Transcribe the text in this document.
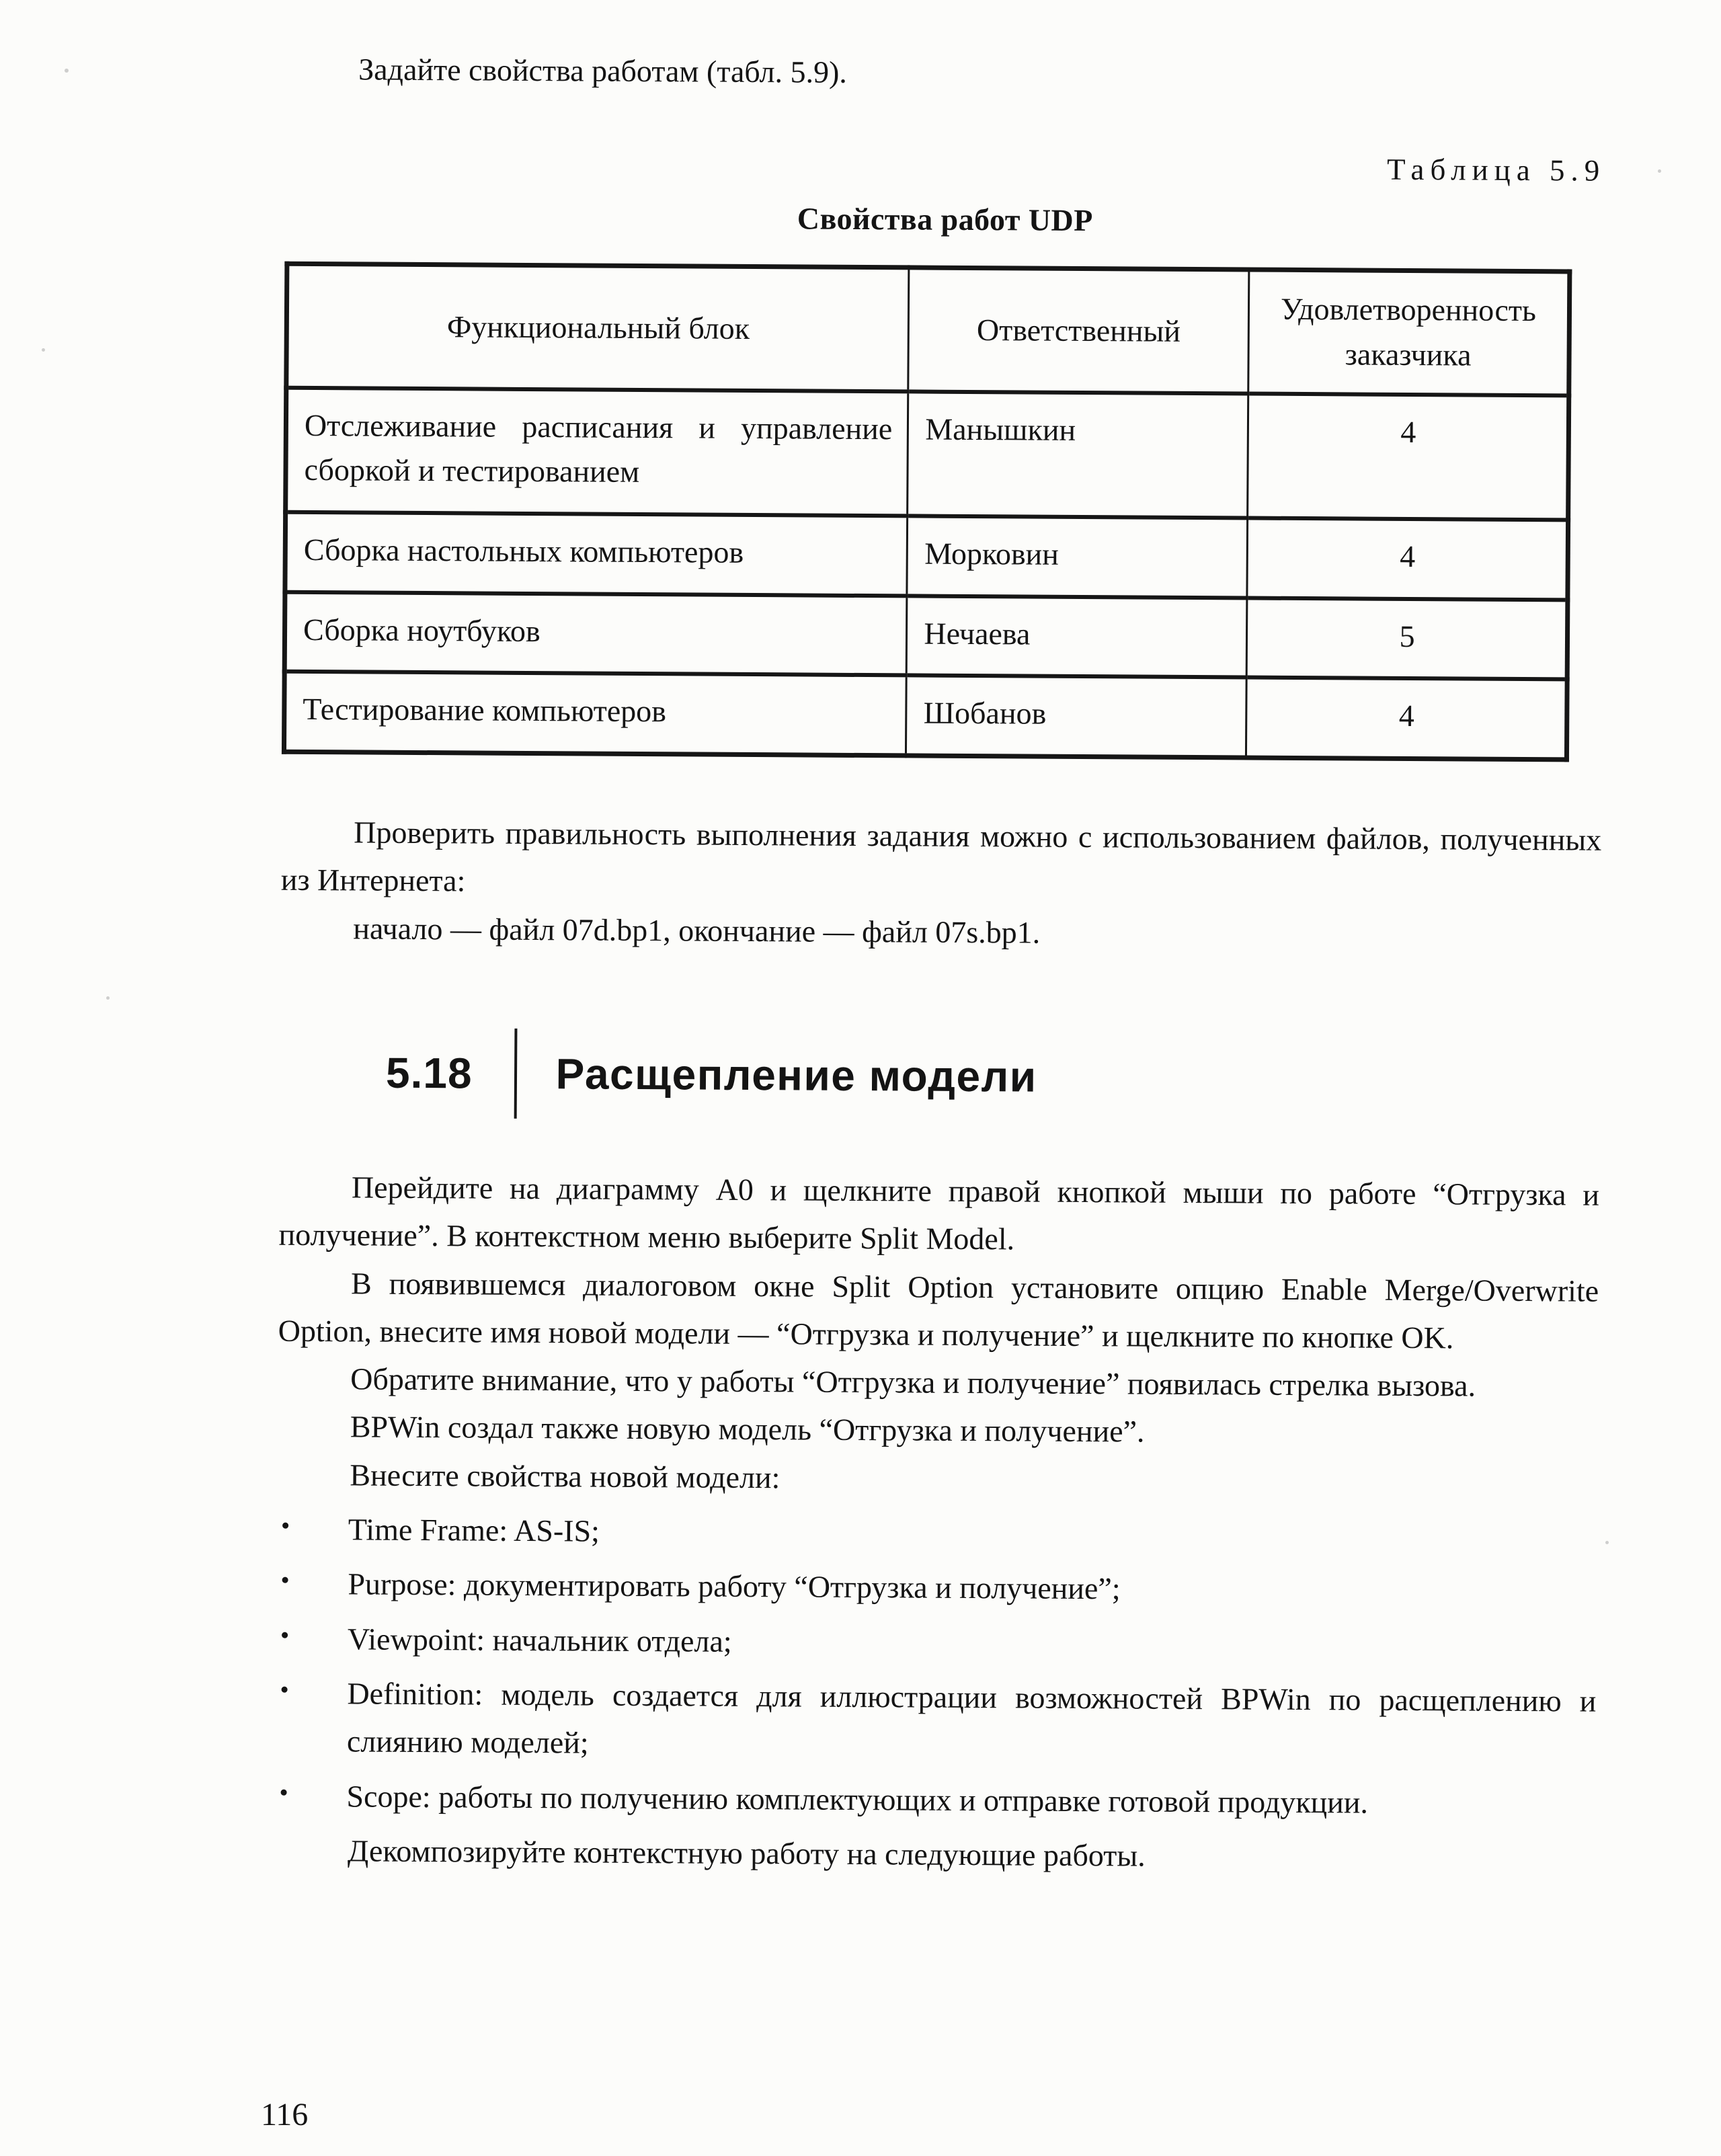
Задайте свойства работам (табл. 5.9).

Таблица 5.9
Свойства работ UDP
Функциональный блок	Ответственный	Удовлетворенность заказчика
Отслеживание расписания и управление сборкой и тестированием	Манышкин	4
Сборка настольных компьютеров	Морковин	4
Сборка ноутбуков	Нечаева	5
Тестирование компьютеров	Шобанов	4

Проверить правильность выполнения задания можно с использованием файлов, полученных из Интернета:

начало — файл 07d.bp1, окончание — файл 07s.bp1.

5.18 Расщепление модели

Перейдите на диаграмму А0 и щелкните правой кнопкой мыши по работе “Отгрузка и получение”. В контекстном меню выберите Split Model.

В появившемся диалоговом окне Split Option установите опцию Enable Merge/Overwrite Option, внесите имя новой модели — “Отгрузка и получение” и щелкните по кнопке OK.

Обратите внимание, что у работы “Отгрузка и получение” появилась стрелка вызова.

BPWin создал также новую модель “Отгрузка и получение”.

Внесите свойства новой модели:

• Time Frame: AS-IS;
• Purpose: документировать работу “Отгрузка и получение”;
• Viewpoint: начальник отдела;
• Definition: модель создается для иллюстрации возможностей BPWin по расщеплению и слиянию моделей;
• Scope: работы по получению комплектующих и отправке готовой продукции.

Декомпозируйте контекстную работу на следующие работы.

116
